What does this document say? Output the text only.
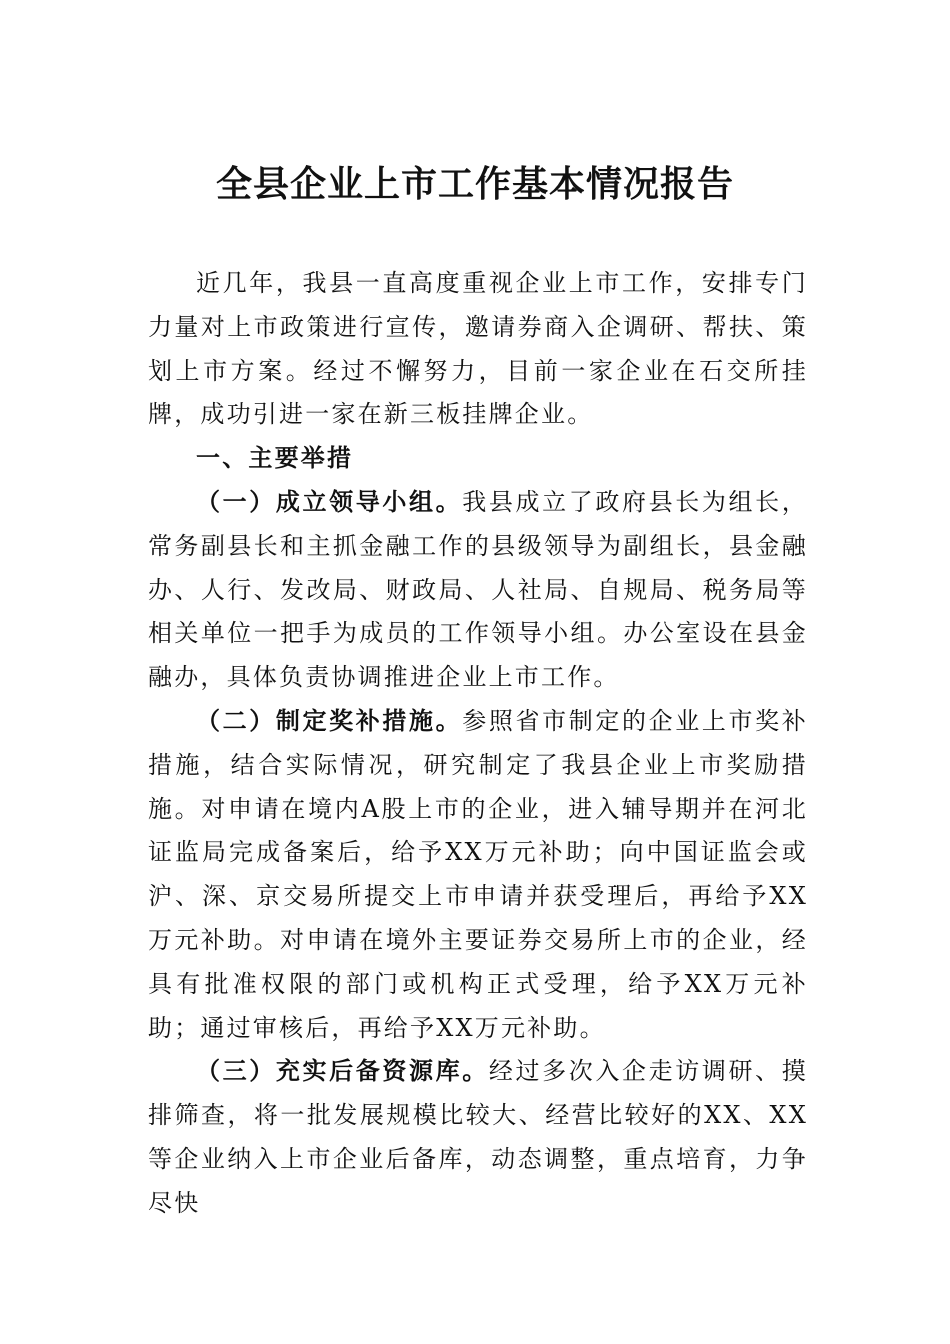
全县企业上市工作基本情况报告

近几年，我县一直高度重视企业上市工作，安排专门力量对上市政策进行宣传，邀请券商入企调研、帮扶、策划上市方案。经过不懈努力，目前一家企业在石交所挂牌，成功引进一家在新三板挂牌企业。

一、主要举措

（一）成立领导小组。我县成立了政府县长为组长，常务副县长和主抓金融工作的县级领导为副组长，县金融办、人行、发改局、财政局、人社局、自规局、税务局等相关单位一把手为成员的工作领导小组。办公室设在县金融办，具体负责协调推进企业上市工作。

（二）制定奖补措施。参照省市制定的企业上市奖补措施，结合实际情况，研究制定了我县企业上市奖励措施。对申请在境内A股上市的企业，进入辅导期并在河北证监局完成备案后，给予XX万元补助；向中国证监会或沪、深、京交易所提交上市申请并获受理后，再给予XX万元补助。对申请在境外主要证券交易所上市的企业，经具有批准权限的部门或机构正式受理，给予XX万元补助；通过审核后，再给予XX万元补助。

（三）充实后备资源库。经过多次入企走访调研、摸排筛查，将一批发展规模比较大、经营比较好的XX、XX等企业纳入上市企业后备库，动态调整，重点培育，力争尽快
